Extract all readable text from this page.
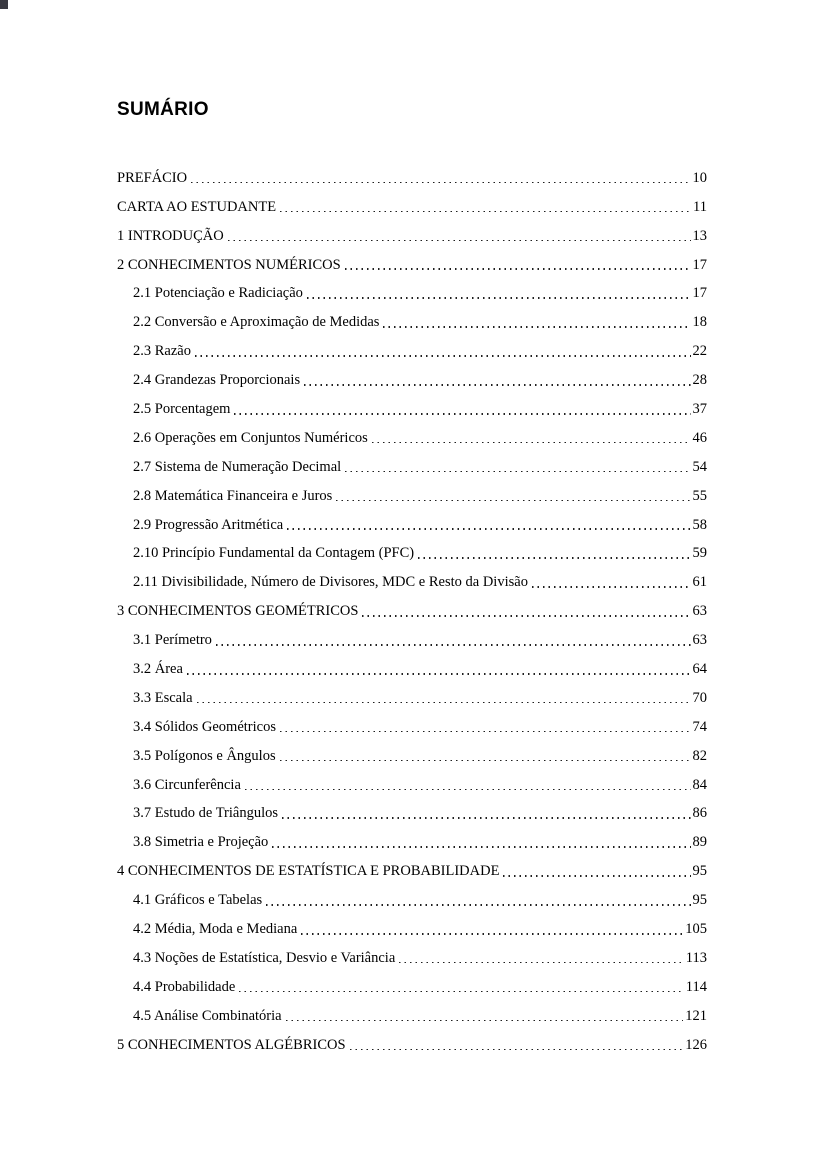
SUMÁRIO
PREFÁCIO	10
CARTA AO ESTUDANTE	11
1 INTRODUÇÃO	13
2 CONHECIMENTOS NUMÉRICOS	17
2.1 Potenciação e Radiciação	17
2.2 Conversão e Aproximação de Medidas	18
2.3 Razão	22
2.4 Grandezas Proporcionais	28
2.5 Porcentagem	37
2.6 Operações em Conjuntos Numéricos	46
2.7 Sistema de Numeração Decimal	54
2.8 Matemática Financeira e Juros	55
2.9 Progressão Aritmética	58
2.10 Princípio Fundamental da Contagem (PFC)	59
2.11 Divisibilidade, Número de Divisores, MDC e Resto da Divisão	61
3 CONHECIMENTOS GEOMÉTRICOS	63
3.1 Perímetro	63
3.2 Área	64
3.3 Escala	70
3.4 Sólidos Geométricos	74
3.5 Polígonos e Ângulos	82
3.6 Circunferência	84
3.7 Estudo de Triângulos	86
3.8 Simetria e Projeção	89
4 CONHECIMENTOS DE ESTATÍSTICA E PROBABILIDADE	95
4.1 Gráficos e Tabelas	95
4.2 Média, Moda e Mediana	105
4.3 Noções de Estatística, Desvio e Variância	113
4.4 Probabilidade	114
4.5 Análise Combinatória	121
5 CONHECIMENTOS ALGÉBRICOS	126
